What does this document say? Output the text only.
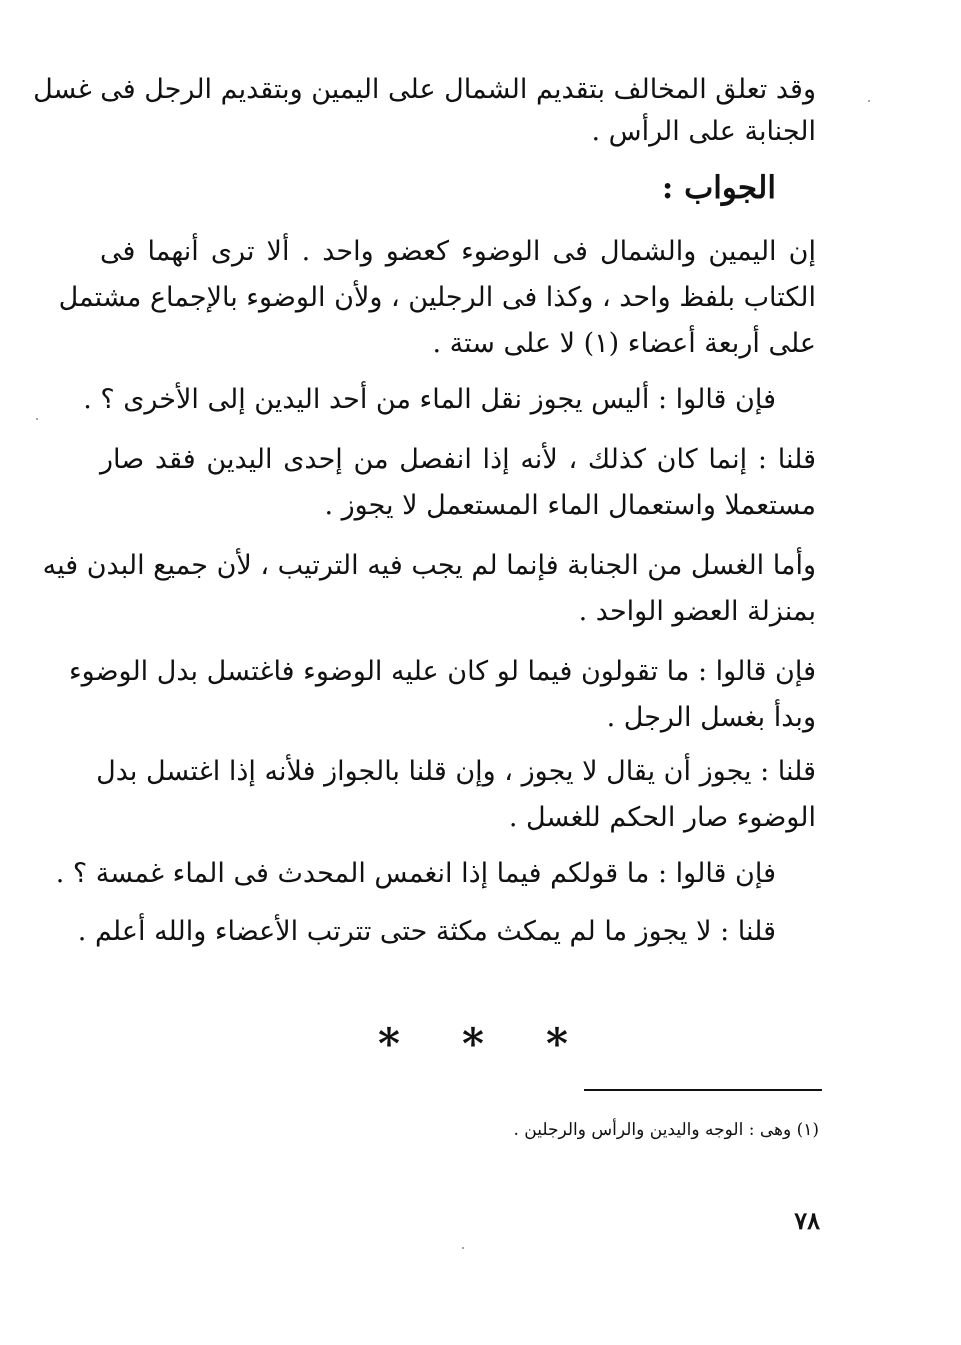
وقد تعلق المخالف بتقديم الشمال على اليمين وبتقديم الرجل فى غسل
الجنابة على الرأس .
الجواب :
إن اليمين والشمال فى الوضوء كعضو واحد . ألا ترى أنهما فى
الكتاب بلفظ واحد ، وكذا فى الرجلين ، ولأن الوضوء بالإجماع مشتمل
على أربعة أعضاء (١) لا على ستة .
فإن قالوا : أليس يجوز نقل الماء من أحد اليدين إلى الأخرى ؟ .
قلنا : إنما كان كذلك ، لأنه إذا انفصل من إحدى اليدين فقد صار
مستعملا واستعمال الماء المستعمل لا يجوز .
وأما الغسل من الجنابة فإنما لم يجب فيه الترتيب ، لأن جميع البدن فيه
بمنزلة العضو الواحد .
فإن قالوا : ما تقولون فيما لو كان عليه الوضوء فاغتسل بدل الوضوء
وبدأ بغسل الرجل .
قلنا : يجوز أن يقال لا يجوز ، وإن قلنا بالجواز فلأنه إذا اغتسل بدل
الوضوء صار الحكم للغسل .
فإن قالوا : ما قولكم فيما إذا انغمس المحدث فى الماء غمسة ؟ .
قلنا : لا يجوز ما لم يمكث مكثة حتى تترتب الأعضاء والله أعلم .
* * *
(١) وهى : الوجه واليدين والرأس والرجلين .
٧٨
